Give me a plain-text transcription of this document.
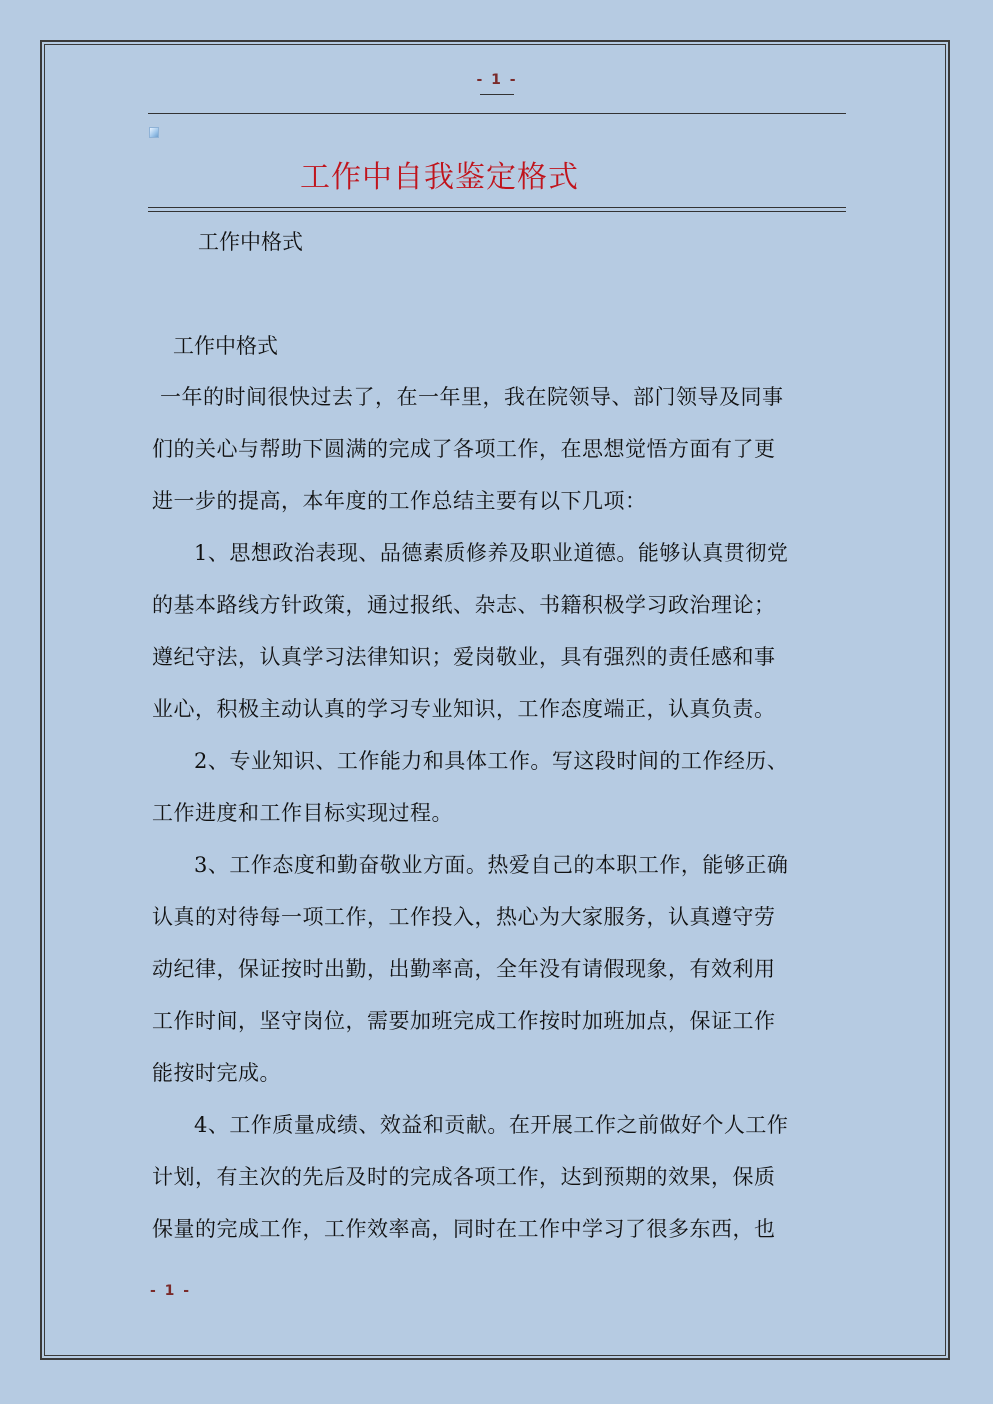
- 1 -
工作中自我鉴定格式
工作中格式
工作中格式
一年的时间很快过去了，在一年里，我在院领导、部门领导及同事
们的关心与帮助下圆满的完成了各项工作，在思想觉悟方面有了更
进一步的提高，本年度的工作总结主要有以下几项：
1、思想政治表现、品德素质修养及职业道德。能够认真贯彻党
的基本路线方针政策，通过报纸、杂志、书籍积极学习政治理论；
遵纪守法，认真学习法律知识；爱岗敬业，具有强烈的责任感和事
业心，积极主动认真的学习专业知识，工作态度端正，认真负责。
2、专业知识、工作能力和具体工作。写这段时间的工作经历、
工作进度和工作目标实现过程。
3、工作态度和勤奋敬业方面。热爱自己的本职工作，能够正确
认真的对待每一项工作，工作投入，热心为大家服务，认真遵守劳
动纪律，保证按时出勤，出勤率高，全年没有请假现象，有效利用
工作时间，坚守岗位，需要加班完成工作按时加班加点，保证工作
能按时完成。
4、工作质量成绩、效益和贡献。在开展工作之前做好个人工作
计划，有主次的先后及时的完成各项工作，达到预期的效果，保质
保量的完成工作，工作效率高，同时在工作中学习了很多东西，也
- 1 -
